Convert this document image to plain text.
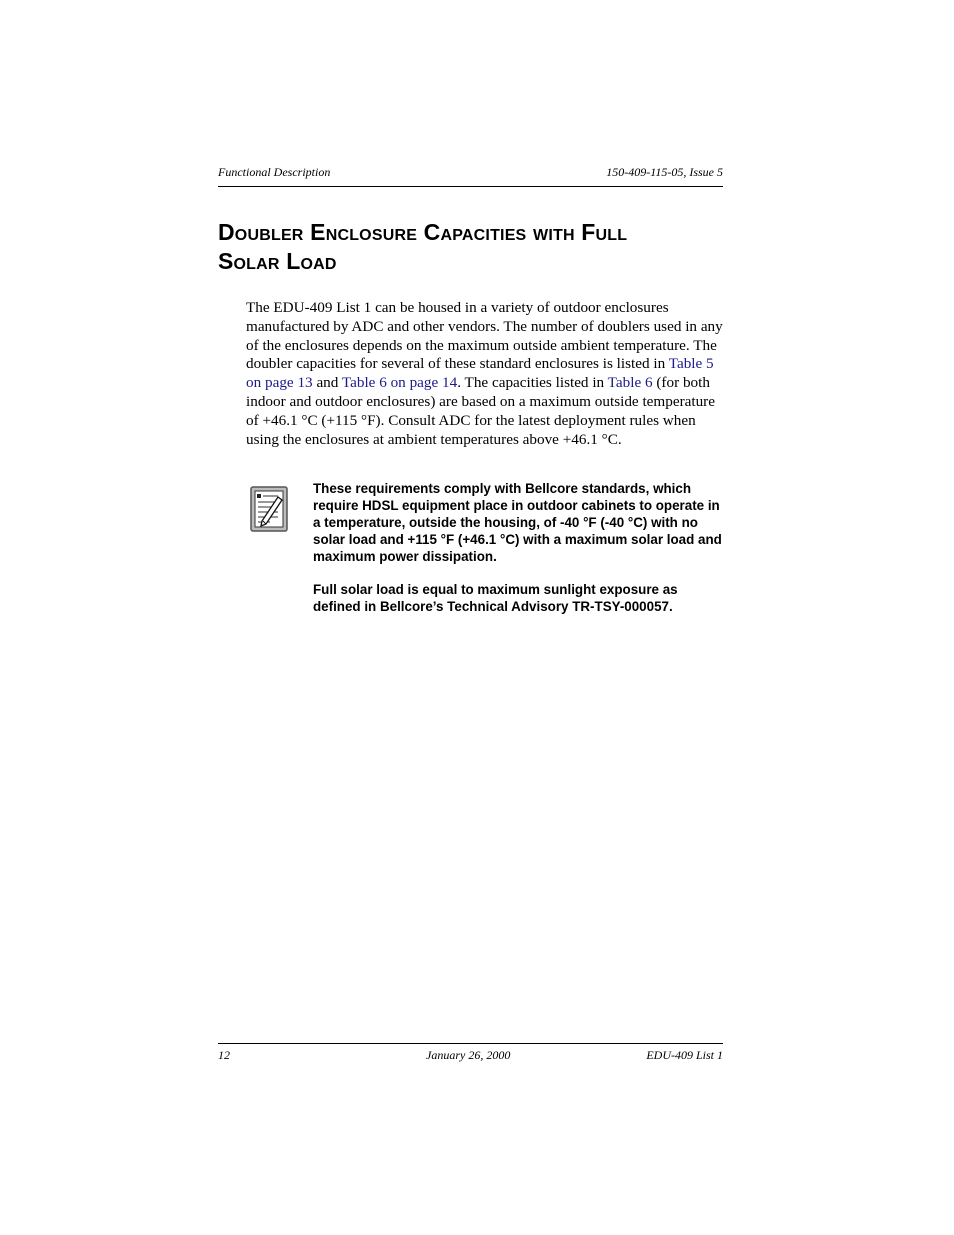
Functional Description	150-409-115-05, Issue 5
Doubler Enclosure Capacities with Full
Solar Load

The EDU-409 List 1 can be housed in a variety of outdoor enclosures manufactured by ADC and other vendors. The number of doublers used in any of the enclosures depends on the maximum outside ambient temperature. The doubler capacities for several of these standard enclosures is listed in Table 5 on page 13 and Table 6 on page 14. The capacities listed in Table 6 (for both indoor and outdoor enclosures) are based on a maximum outside temperature of +46.1 °C (+115 °F). Consult ADC for the latest deployment rules when using the enclosures at ambient temperatures above +46.1 °C.

These requirements comply with Bellcore standards, which require HDSL equipment place in outdoor cabinets to operate in a temperature, outside the housing, of -40 °F (-40 °C) with no solar load and +115 °F (+46.1 °C) with a maximum solar load and maximum power dissipation.

Full solar load is equal to maximum sunlight exposure as defined in Bellcore’s Technical Advisory TR-TSY-000057.

12	January 26, 2000	EDU-409 List 1
